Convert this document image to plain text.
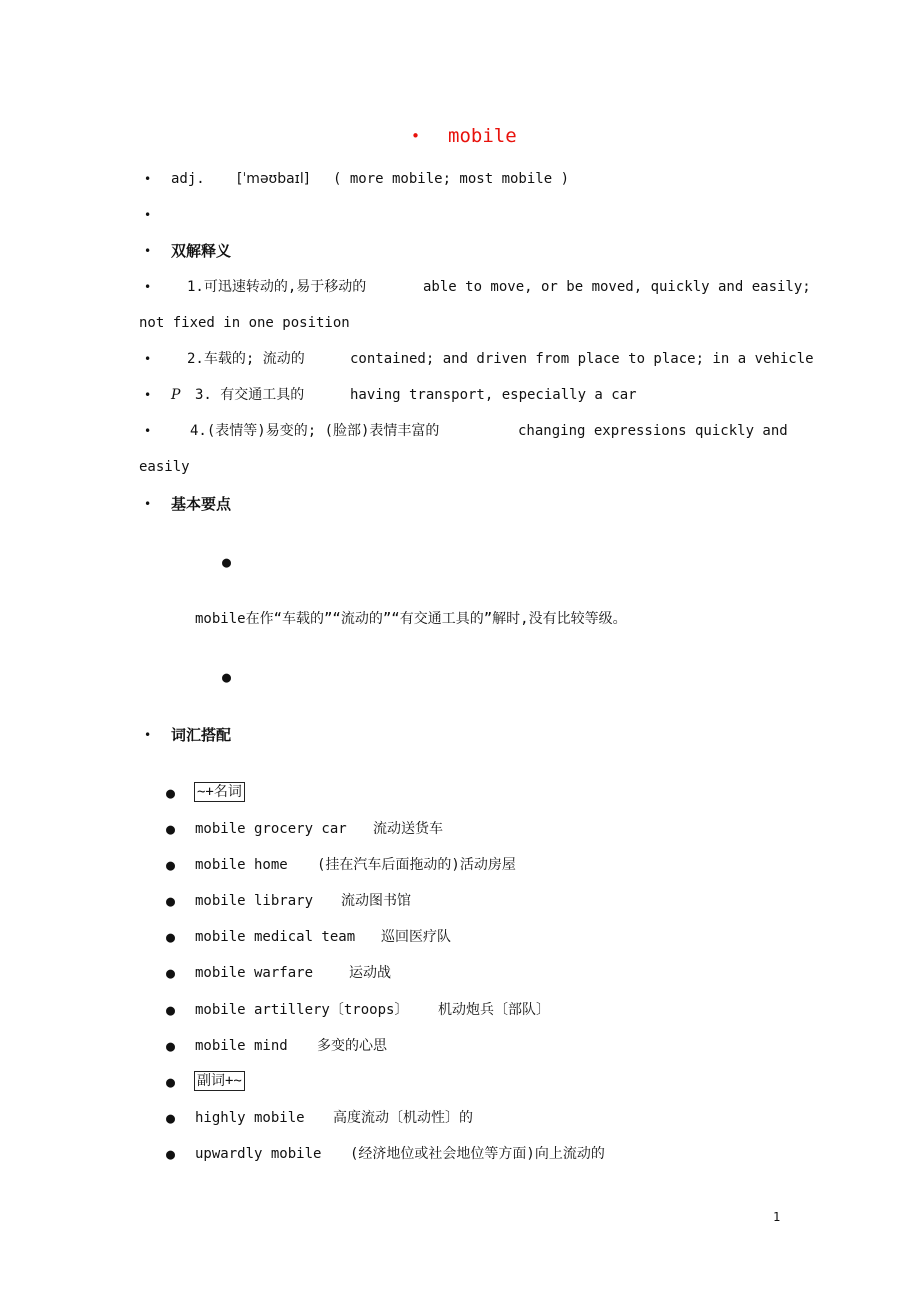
• mobile
• adj. [ˈməʊbaɪl] ( more mobile; most mobile )
•
• 双解释义
•	1.可迅速转动的,易于移动的	able to move, or be moved, quickly and easily;
not fixed in one position
•	2.车载的; 流动的	contained; and driven from place to place; in a vehicle
• P 3. 有交通工具的	having transport, especially a car
•	4.(表情等)易变的; (脸部)表情丰富的	changing expressions quickly and
easily
• 基本要点
●
mobile在作“车载的”“流动的”“有交通工具的”解时,没有比较等级。
●
• 词汇搭配
● ~+名词
● mobile grocery car 流动送货车
● mobile home (挂在汽车后面拖动的)活动房屋
● mobile library 流动图书馆
● mobile medical team 巡回医疗队
● mobile warfare	运动战
● mobile artillery〔troops〕 机动炮兵〔部队〕
● mobile mind 多变的心思
● 副词+~
● highly mobile 高度流动〔机动性〕的
● upwardly mobile (经济地位或社会地位等方面)向上流动的
1
